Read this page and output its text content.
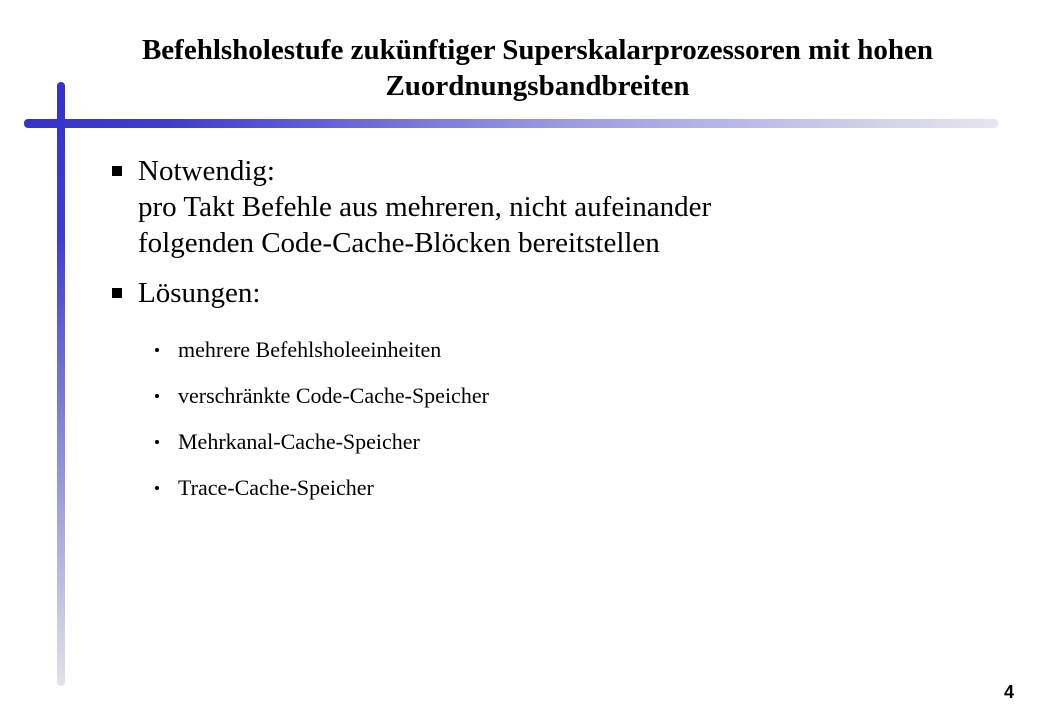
Befehlsholestufe zukünftiger Superskalarprozessoren mit hohen Zuordnungsbandbreiten
Notwendig:
pro Takt Befehle aus mehreren, nicht aufeinander
folgenden Code-Cache-Blöcken bereitstellen
Lösungen:
mehrere Befehlsholeeinheiten
verschränkte Code-Cache-Speicher
Mehrkanal-Cache-Speicher
Trace-Cache-Speicher
4
